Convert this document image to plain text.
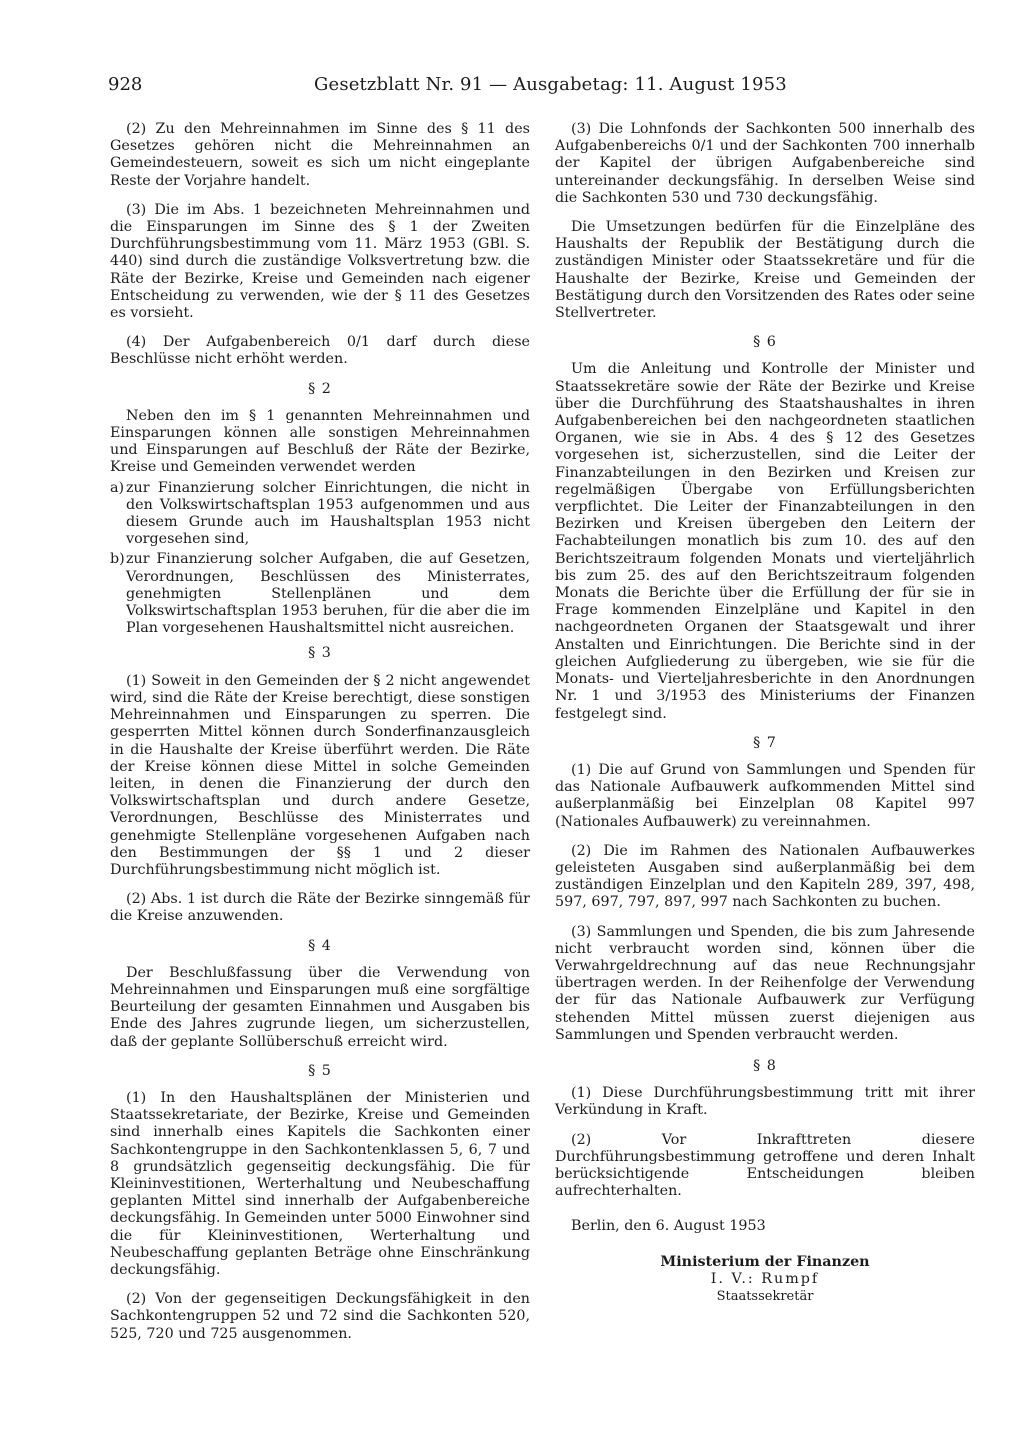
928	Gesetzblatt Nr. 91 — Ausgabetag: 11. August 1953

(2) Zu den Mehreinnahmen im Sinne des § 11 des Gesetzes gehören nicht die Mehreinnahmen an Gemeindesteuern, soweit es sich um nicht eingeplante Reste der Vorjahre handelt.

(3) Die im Abs. 1 bezeichneten Mehreinnahmen und die Einsparungen im Sinne des § 1 der Zweiten Durchführungsbestimmung vom 11. März 1953 (GBl. S. 440) sind durch die zuständige Volksvertretung bzw. die Räte der Bezirke, Kreise und Gemeinden nach eigener Entscheidung zu verwenden, wie der § 11 des Gesetzes es vorsieht.

(4) Der Aufgabenbereich 0/1 darf durch diese Beschlüsse nicht erhöht werden.

§ 2

Neben den im § 1 genannten Mehreinnahmen und Einsparungen können alle sonstigen Mehreinnahmen und Einsparungen auf Beschluß der Räte der Bezirke, Kreise und Gemeinden verwendet werden

a) zur Finanzierung solcher Einrichtungen, die nicht in den Volkswirtschaftsplan 1953 aufgenommen und aus diesem Grunde auch im Haushaltsplan 1953 nicht vorgesehen sind,
b) zur Finanzierung solcher Aufgaben, die auf Gesetzen, Verordnungen, Beschlüssen des Ministerrates, genehmigten Stellenplänen und dem Volkswirtschaftsplan 1953 beruhen, für die aber die im Plan vorgesehenen Haushaltsmittel nicht ausreichen.
§ 3

(1) Soweit in den Gemeinden der § 2 nicht angewendet wird, sind die Räte der Kreise berechtigt, diese sonstigen Mehreinnahmen und Einsparungen zu sperren. Die gesperrten Mittel können durch Sonderfinanzausgleich in die Haushalte der Kreise überführt werden. Die Räte der Kreise können diese Mittel in solche Gemeinden leiten, in denen die Finanzierung der durch den Volkswirtschaftsplan und durch andere Gesetze, Verordnungen, Beschlüsse des Ministerrates und genehmigte Stellenpläne vorgesehenen Aufgaben nach den Bestimmungen der §§ 1 und 2 dieser Durchführungsbestimmung nicht möglich ist.

(2) Abs. 1 ist durch die Räte der Bezirke sinngemäß für die Kreise anzuwenden.

§ 4

Der Beschlußfassung über die Verwendung von Mehreinnahmen und Einsparungen muß eine sorgfältige Beurteilung der gesamten Einnahmen und Ausgaben bis Ende des Jahres zugrunde liegen, um sicherzustellen, daß der geplante Sollüberschuß erreicht wird.

§ 5

(1) In den Haushaltsplänen der Ministerien und Staatssekretariate, der Bezirke, Kreise und Gemeinden sind innerhalb eines Kapitels die Sachkonten einer Sachkontengruppe in den Sachkontenklassen 5, 6, 7 und 8 grundsätzlich gegenseitig deckungsfähig. Die für Kleininvestitionen, Werterhaltung und Neubeschaffung geplanten Mittel sind innerhalb der Aufgabenbereiche deckungsfähig. In Gemeinden unter 5000 Einwohner sind die für Kleininvestitionen, Werterhaltung und Neubeschaffung geplanten Beträge ohne Einschränkung deckungsfähig.

(2) Von der gegenseitigen Deckungsfähigkeit in den Sachkontengruppen 52 und 72 sind die Sachkonten 520, 525, 720 und 725 ausgenommen.

(3) Die Lohnfonds der Sachkonten 500 innerhalb des Aufgabenbereichs 0/1 und der Sachkonten 700 innerhalb der Kapitel der übrigen Aufgabenbereiche sind untereinander deckungsfähig. In derselben Weise sind die Sachkonten 530 und 730 deckungsfähig.

Die Umsetzungen bedürfen für die Einzelpläne des Haushalts der Republik der Bestätigung durch die zuständigen Minister oder Staatssekretäre und für die Haushalte der Bezirke, Kreise und Gemeinden der Bestätigung durch den Vorsitzenden des Rates oder seine Stellvertreter.

§ 6

Um die Anleitung und Kontrolle der Minister und Staatssekretäre sowie der Räte der Bezirke und Kreise über die Durchführung des Staatshaushaltes in ihren Aufgabenbereichen bei den nachgeordneten staatlichen Organen, wie sie in Abs. 4 des § 12 des Gesetzes vorgesehen ist, sicherzustellen, sind die Leiter der Finanzabteilungen in den Bezirken und Kreisen zur regelmäßigen Übergabe von Erfüllungsberichten verpflichtet. Die Leiter der Finanzabteilungen in den Bezirken und Kreisen übergeben den Leitern der Fachabteilungen monatlich bis zum 10. des auf den Berichtszeitraum folgenden Monats und vierteljährlich bis zum 25. des auf den Berichtszeitraum folgenden Monats die Berichte über die Erfüllung der für sie in Frage kommenden Einzelpläne und Kapitel in den nachgeordneten Organen der Staatsgewalt und ihrer Anstalten und Einrichtungen. Die Berichte sind in der gleichen Aufgliederung zu übergeben, wie sie für die Monats- und Vierteljahresberichte in den Anordnungen Nr. 1 und 3/1953 des Ministeriums der Finanzen festgelegt sind.

§ 7

(1) Die auf Grund von Sammlungen und Spenden für das Nationale Aufbauwerk aufkommenden Mittel sind außerplanmäßig bei Einzelplan 08 Kapitel 997 (Nationales Aufbauwerk) zu vereinnahmen.

(2) Die im Rahmen des Nationalen Aufbauwerkes geleisteten Ausgaben sind außerplanmäßig bei dem zuständigen Einzelplan und den Kapiteln 289, 397, 498, 597, 697, 797, 897, 997 nach Sachkonten zu buchen.

(3) Sammlungen und Spenden, die bis zum Jahresende nicht verbraucht worden sind, können über die Verwahrgeldrechnung auf das neue Rechnungsjahr übertragen werden. In der Reihenfolge der Verwendung der für das Nationale Aufbauwerk zur Verfügung stehenden Mittel müssen zuerst diejenigen aus Sammlungen und Spenden verbraucht werden.

§ 8

(1) Diese Durchführungsbestimmung tritt mit ihrer Verkündung in Kraft.

(2) Vor Inkrafttreten diesere Durchführungsbestimmung getroffene und deren Inhalt berücksichtigende Entscheidungen bleiben aufrechterhalten.

Berlin, den 6. August 1953

Ministerium der Finanzen
I. V.: Rumpf
Staatssekretär
